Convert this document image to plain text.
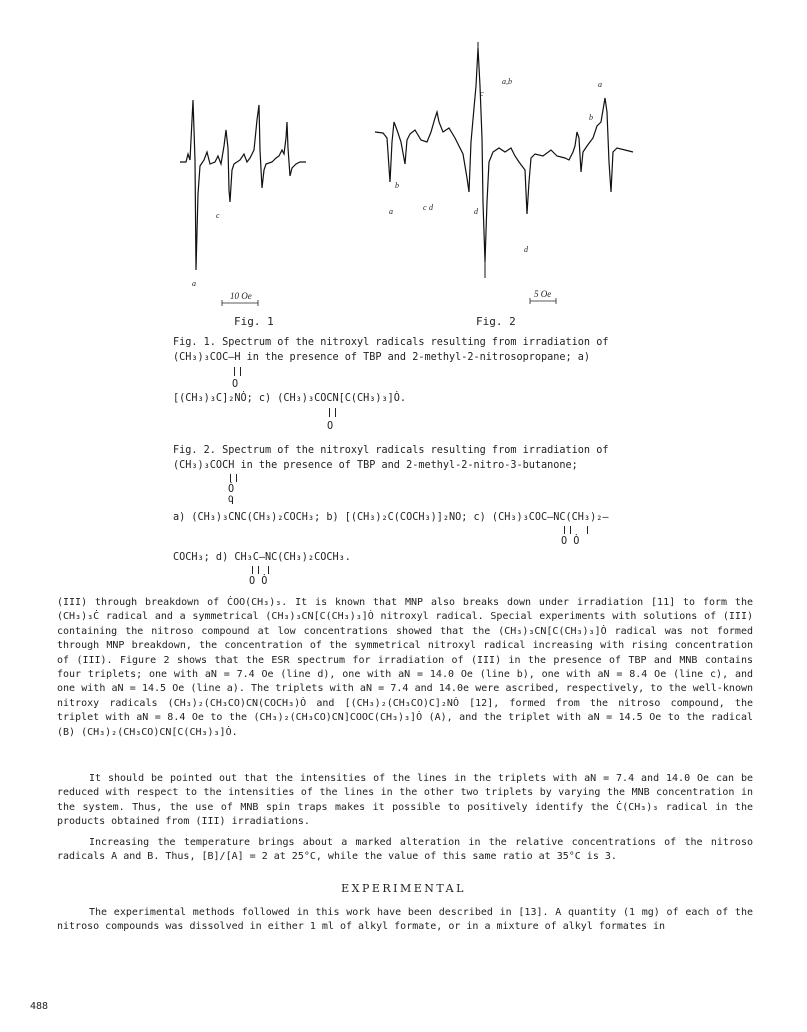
c
a
10 Oe
Fig. 1
a,b	a
c
b
b
a	c d	d
d
5 Oe
Fig. 2
Fig. 1. Spectrum of the nitroxyl radicals resulting from irradiation of
(CH₃)₃COC–H in the presence of TBP and 2-methyl-2-nitrosopropane; a)
O
[(CH₃)₃C]₂NȮ; c) (CH₃)₃COCN[C(CH₃)₃]Ȯ.
O
Fig. 2. Spectrum of the nitroxyl radicals resulting from irradiation of
(CH₃)₃COCH in the presence of TBP and 2-methyl-2-nitro-3-butanone;
Ȯ
O
a) (CH₃)₃CNC(CH₃)₂COCH₃; b) [(CH₃)₂C(COCH₃)]₂NO; c) (CH₃)₃COC–NC(CH₃)₂–
O Ȯ
COCH₃; d) CH₃C–NC(CH₃)₂COCH₃.
O Ȯ
(III) through breakdown of ĊOO(CH₃)₃. It is known that MNP also breaks down under irradiation [11] to form the (CH₃)₃Ċ radical and a symmetrical (CH₃)₃CN[C(CH₃)₃]Ȯ nitroxyl radical. Special experiments with solutions of (III) containing the nitroso compound at low concentrations showed that the (CH₃)₃CN[C(CH₃)₃]Ȯ radical was not formed through MNP breakdown, the concentration of the symmetrical nitroxyl radical increasing with rising concentration of (III). Figure 2 shows that the ESR spectrum for irradiation of (III) in the presence of TBP and MNB contains four triplets; one with aN = 7.4 Oe (line d), one with aN = 14.0 Oe (line b), one with aN = 8.4 Oe (line c), and one with aN = 14.5 Oe (line a). The triplets with aN = 7.4 and 14.0e were ascribed, respectively, to the well-known nitroxy radicals (CH₃)₂(CH₃CO)CN(COCH₃)Ȯ and [(CH₃)₂(CH₃CO)C]₂NȮ [12], formed from the nitroso compound, the triplet with aN = 8.4 Oe to the (CH₃)₂(CH₃CO)CN]COOC(CH₃)₃]Ȯ (A), and the triplet with aN = 14.5 Oe to the radical (B) (CH₃)₂(CH₃CO)CN[C(CH₃)₃]Ȯ.
It should be pointed out that the intensities of the lines in the triplets with aN = 7.4 and 14.0 Oe can be reduced with respect to the intensities of the lines in the other two triplets by varying the MNB concentration in the system. Thus, the use of MNB spin traps makes it possible to positively identify the Ċ(CH₃)₃ radical in the products obtained from (III) irradiations.
Increasing the temperature brings about a marked alteration in the relative concentrations of the nitroso radicals A and B. Thus, [B]/[A] = 2 at 25°C, while the value of this same ratio at 35°C is 3.
EXPERIMENTAL
The experimental methods followed in this work have been described in [13]. A quantity (1 mg) of each of the nitroso compounds was dissolved in either 1 ml of alkyl formate, or in a mixture of alkyl formates in
488
